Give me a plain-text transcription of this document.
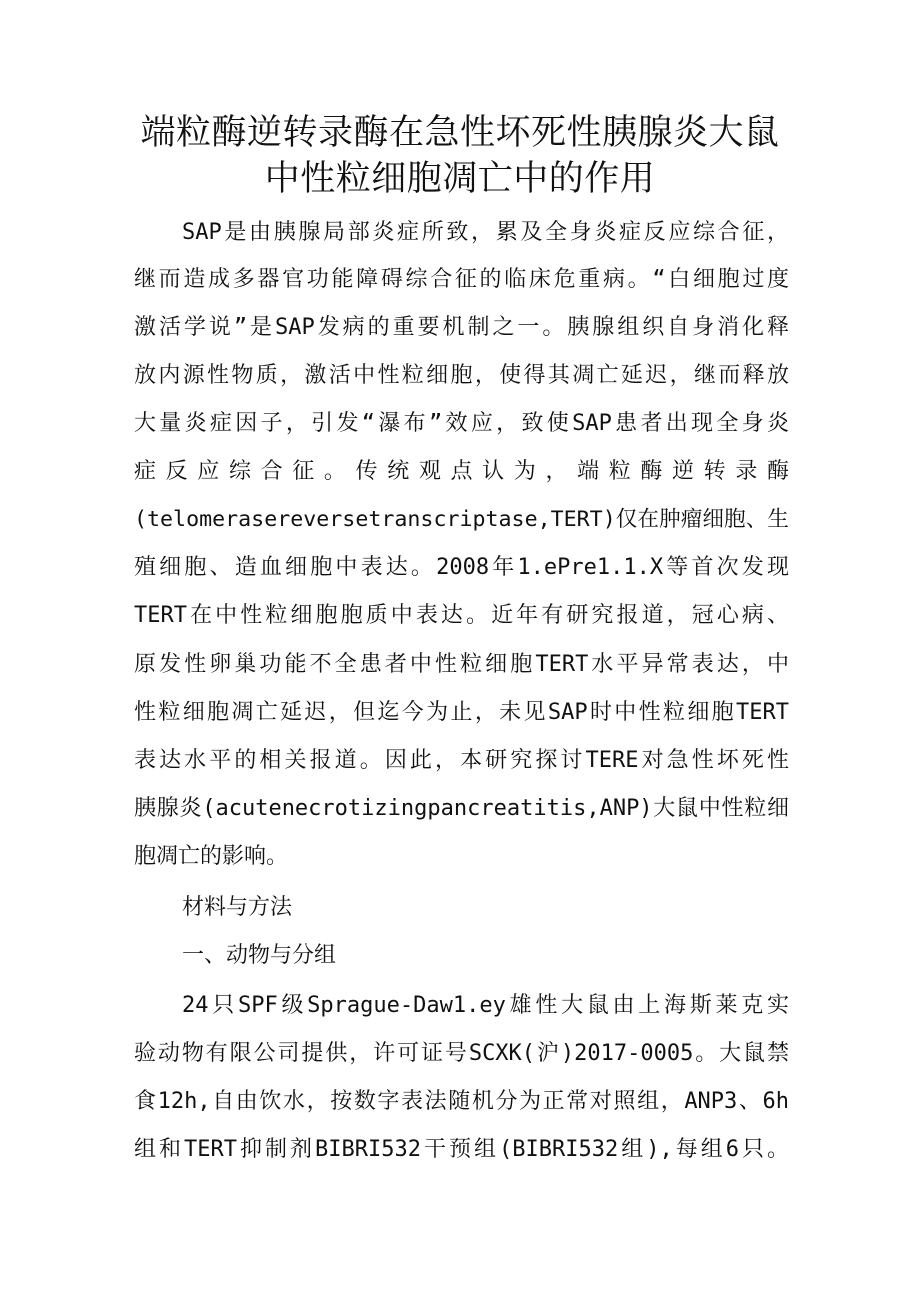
端粒酶逆转录酶在急性坏死性胰腺炎大鼠
中性粒细胞凋亡中的作用
SAP是由胰腺局部炎症所致，累及全身炎症反应综合征，
继而造成多器官功能障碍综合征的临床危重病。“白细胞过度
激活学说”是SAP发病的重要机制之一。胰腺组织自身消化释
放内源性物质，激活中性粒细胞，使得其凋亡延迟，继而释放
大量炎症因子，引发“瀑布”效应，致使SAP患者出现全身炎
症反应综合征。传统观点认为，端粒酶逆转录酶
(telomerasereversetranscriptase,TERT)仅在肿瘤细胞、生
殖细胞、造血细胞中表达。2008年1.ePre1.1.X等首次发现
TERT在中性粒细胞胞质中表达。近年有研究报道，冠心病、
原发性卵巢功能不全患者中性粒细胞TERT水平异常表达，中
性粒细胞凋亡延迟，但迄今为止，未见SAP时中性粒细胞TERT
表达水平的相关报道。因此，本研究探讨TERE对急性坏死性
胰腺炎(acutenecrotizingpancreatitis,ANP)大鼠中性粒细
胞凋亡的影响。
材料与方法
一、动物与分组
24只SPF级Sprague-Daw1.ey雄性大鼠由上海斯莱克实
验动物有限公司提供，许可证号SCXK(沪)2017-0005。大鼠禁
食12h,自由饮水，按数字表法随机分为正常对照组，ANP3、6h
组和TERT抑制剂BIBRI532干预组(BIBRI532组),每组6只。
